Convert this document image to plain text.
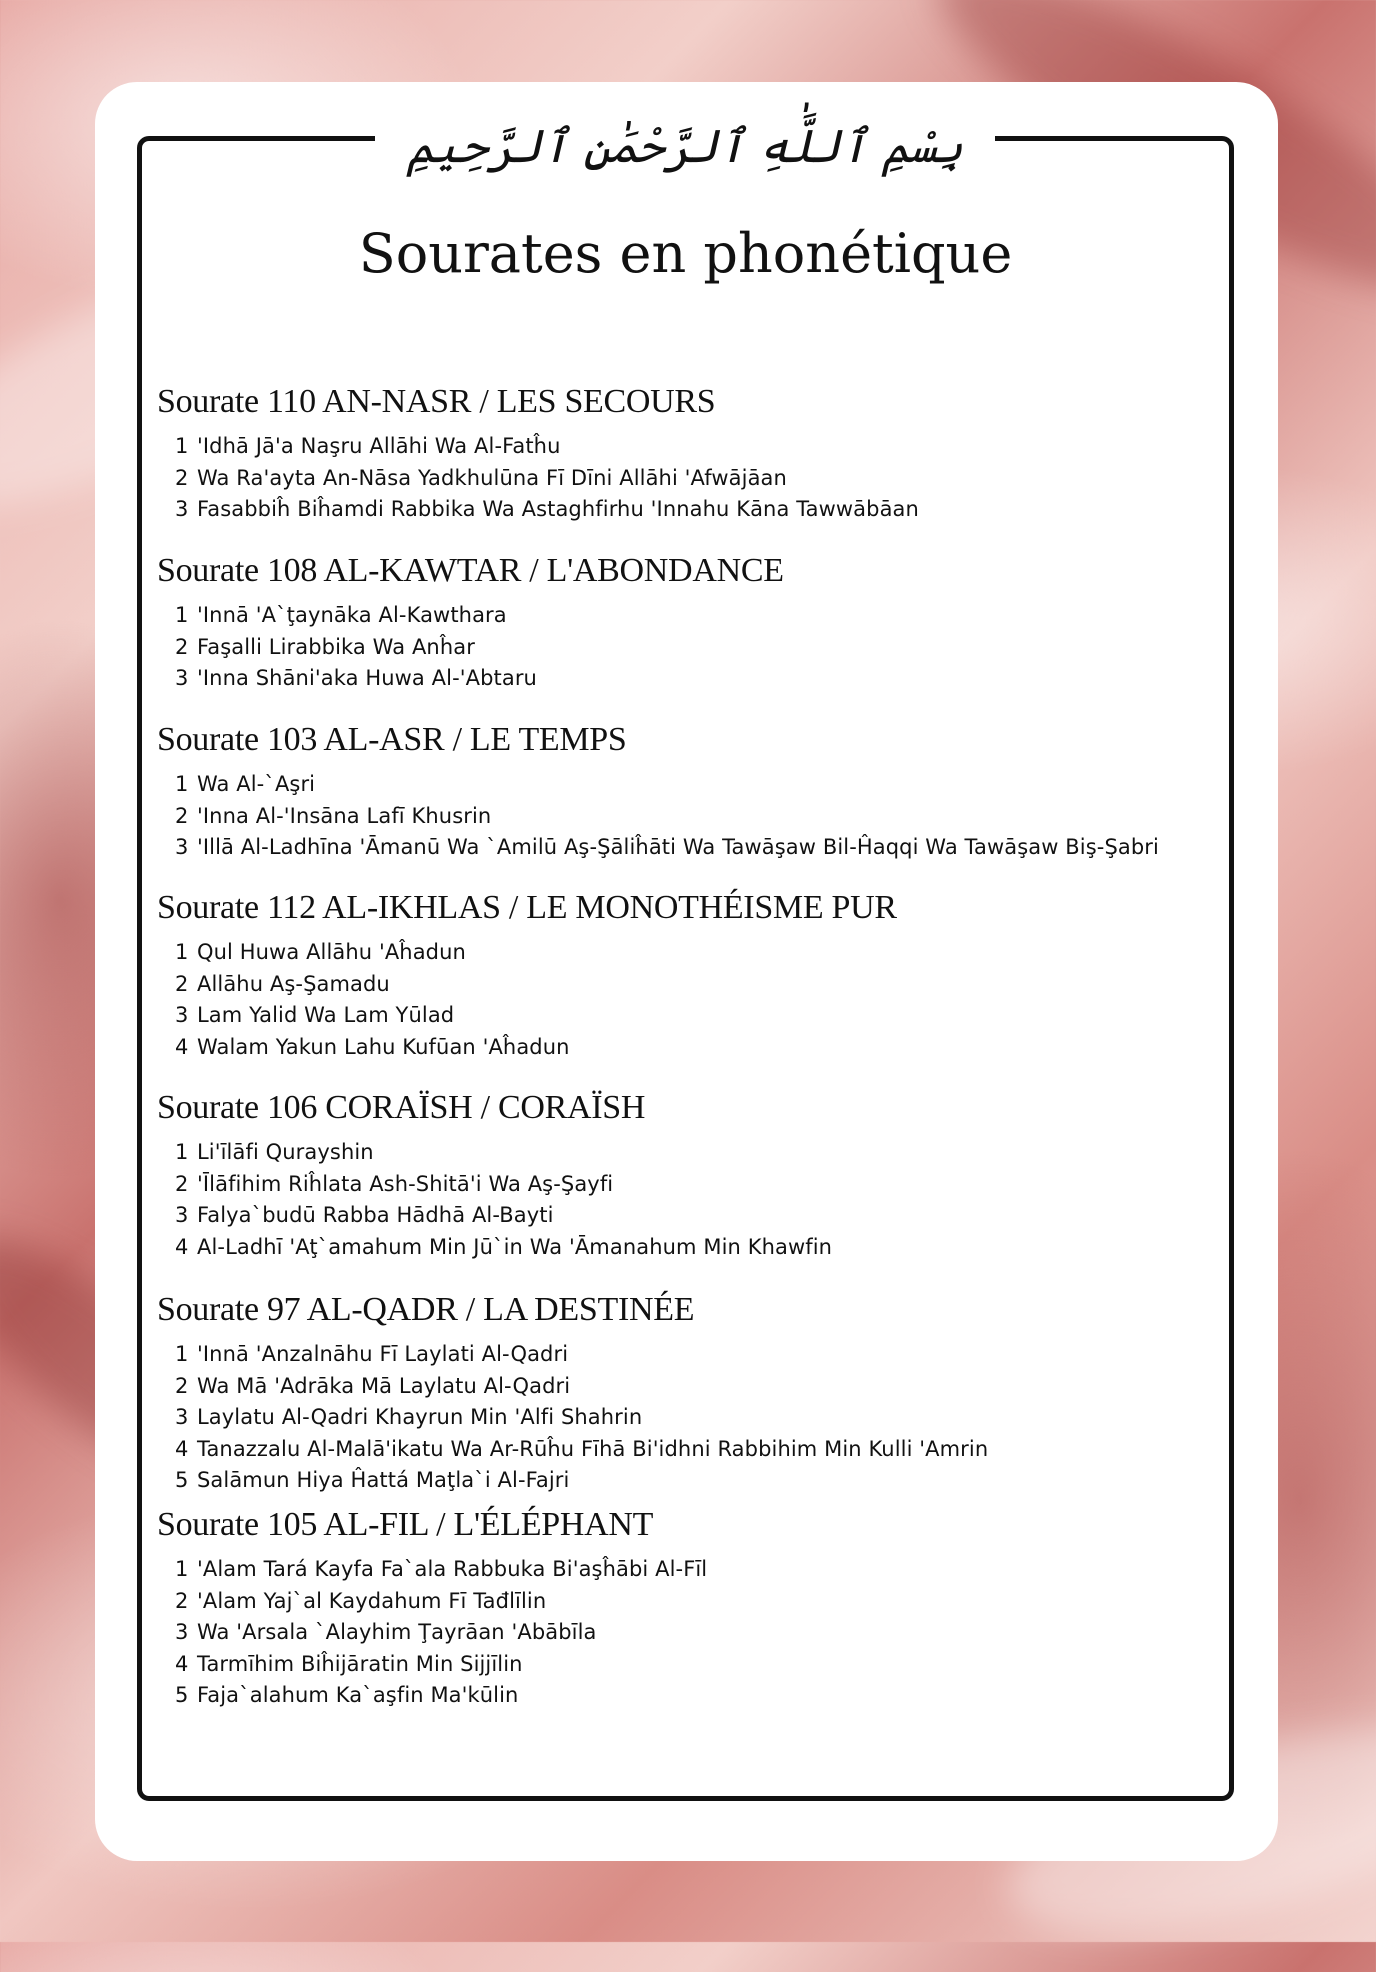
بِسْمِ ٱللَّٰهِ ٱلرَّحْمَٰنِ ٱلرَّحِيمِ
Sourates en phonétique
Sourate 110 AN-NASR / LES SECOURS
1 'Idhā Jā'a Naşru Allāhi Wa Al-Fatĥu
2 Wa Ra'ayta An-Nāsa Yadkhulūna Fī Dīni Allāhi 'Afwājāan
3 Fasabbiĥ Biĥamdi Rabbika Wa Astaghfirhu 'Innahu Kāna Tawwābāan
Sourate 108 AL-KAWTAR / L'ABONDANCE
1 'Innā 'A`ţaynāka Al-Kawthara
2 Faşalli Lirabbika Wa Anĥar
3 'Inna Shāni'aka Huwa Al-'Abtaru
Sourate 103 AL-ASR / LE TEMPS
1 Wa Al-`Aşri
2 'Inna Al-'Insāna Lafī Khusrin
3 'Illā Al-Ladhīna 'Āmanū Wa `Amilū Aş-Şāliĥāti Wa Tawāşaw Bil-Ĥaqqi Wa Tawāşaw Biş-Şabri
Sourate 112 AL-IKHLAS / LE MONOTHÉISME PUR
1 Qul Huwa Allāhu 'Aĥadun
2 Allāhu Aş-Şamadu
3 Lam Yalid Wa Lam Yūlad
4 Walam Yakun Lahu Kufūan 'Aĥadun
Sourate 106 CORAÏSH / CORAÏSH
1 Li'īlāfi Qurayshin
2 'Īlāfihim Riĥlata Ash-Shitā'i Wa Aş-Şayfi
3 Falya`budū Rabba Hādhā Al-Bayti
4 Al-Ladhī 'Aţ`amahum Min Jū`in Wa 'Āmanahum Min Khawfin
Sourate 97 AL-QADR / LA DESTINÉE
1 'Innā 'Anzalnāhu Fī Laylati Al-Qadri
2 Wa Mā 'Adrāka Mā Laylatu Al-Qadri
3 Laylatu Al-Qadri Khayrun Min 'Alfi Shahrin
4 Tanazzalu Al-Malā'ikatu Wa Ar-Rūĥu Fīhā Bi'idhni Rabbihim Min Kulli 'Amrin
5 Salāmun Hiya Ĥattá Maţla`i Al-Fajri
Sourate 105 AL-FIL / L'ÉLÉPHANT
1 'Alam Tará Kayfa Fa`ala Rabbuka Bi'aşĥābi Al-Fīl
2 'Alam Yaj`al Kaydahum Fī Tađlīlin
3 Wa 'Arsala `Alayhim Ţayrāan 'Abābīla
4 Tarmīhim Biĥijāratin Min Sijjīlin
5 Faja`alahum Ka`aşfin Ma'kūlin
